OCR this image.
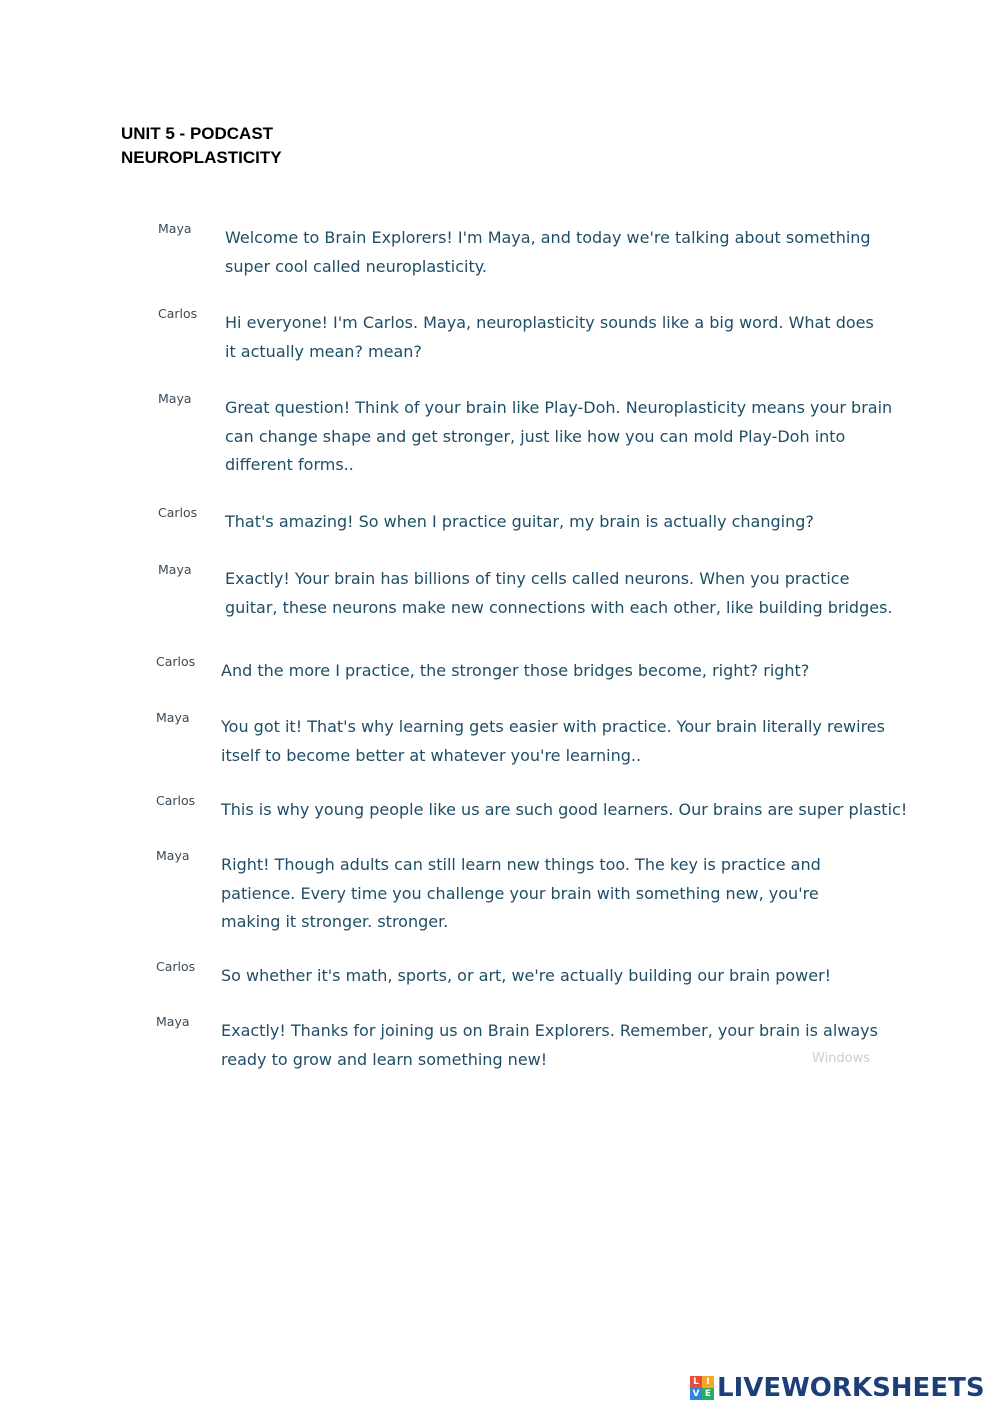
UNIT 5 - PODCAST
NEUROPLASTICITY
Maya Welcome to Brain Explorers! I'm Maya, and today we're talking about something super cool called neuroplasticity.
Carlos Hi everyone! I'm Carlos. Maya, neuroplasticity sounds like a big word. What does it actually mean? mean?
Maya Great question! Think of your brain like Play-Doh. Neuroplasticity means your brain can change shape and get stronger, just like how you can mold Play-Doh into different forms..
Carlos That's amazing! So when I practice guitar, my brain is actually changing?
Maya Exactly! Your brain has billions of tiny cells called neurons. When you practice guitar, these neurons make new connections with each other, like building bridges.
Carlos And the more I practice, the stronger those bridges become, right? right?
Maya You got it! That's why learning gets easier with practice. Your brain literally rewires itself to become better at whatever you're learning..
Carlos This is why young people like us are such good learners. Our brains are super plastic!
Maya Right! Though adults can still learn new things too. The key is practice and patience. Every time you challenge your brain with something new, you're making it stronger. stronger.
Carlos So whether it's math, sports, or art, we're actually building our brain power!
Maya Exactly! Thanks for joining us on Brain Explorers. Remember, your brain is always ready to grow and learn something new!	Windows
L I
V E LIVEWORKSHEETS
